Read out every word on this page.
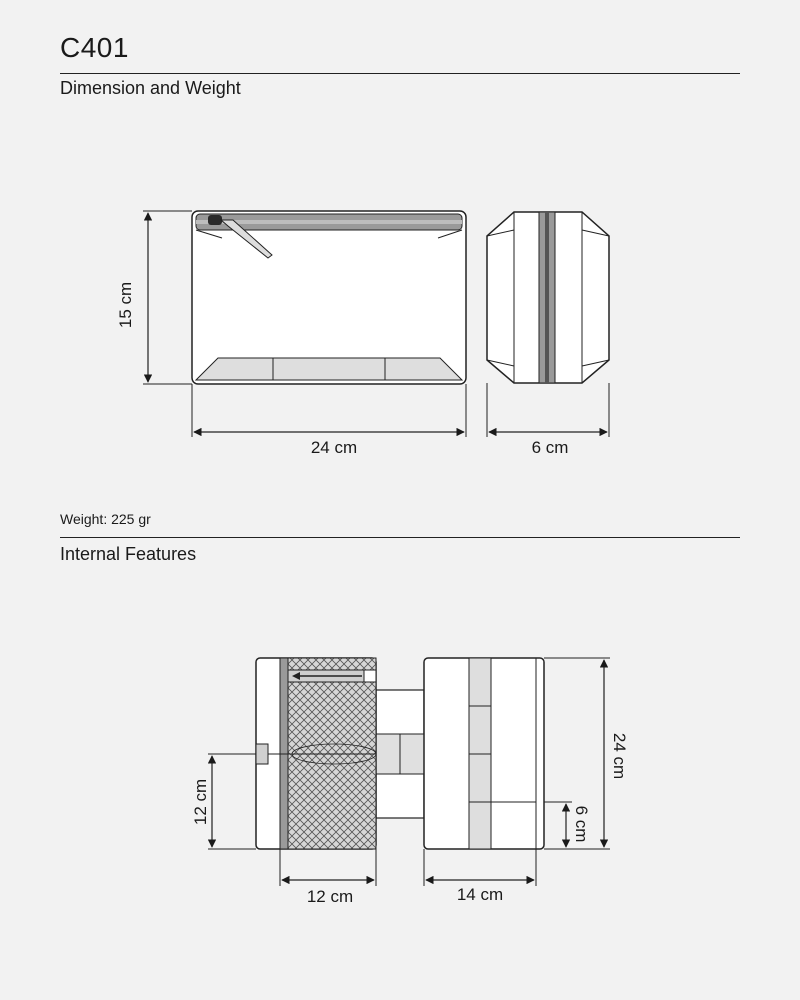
C401
Dimension and Weight
Weight: 225 gr
Internal Features
15 cm
24 cm	6 cm
12 cm
12 cm	14 cm
24 cm
6 cm
